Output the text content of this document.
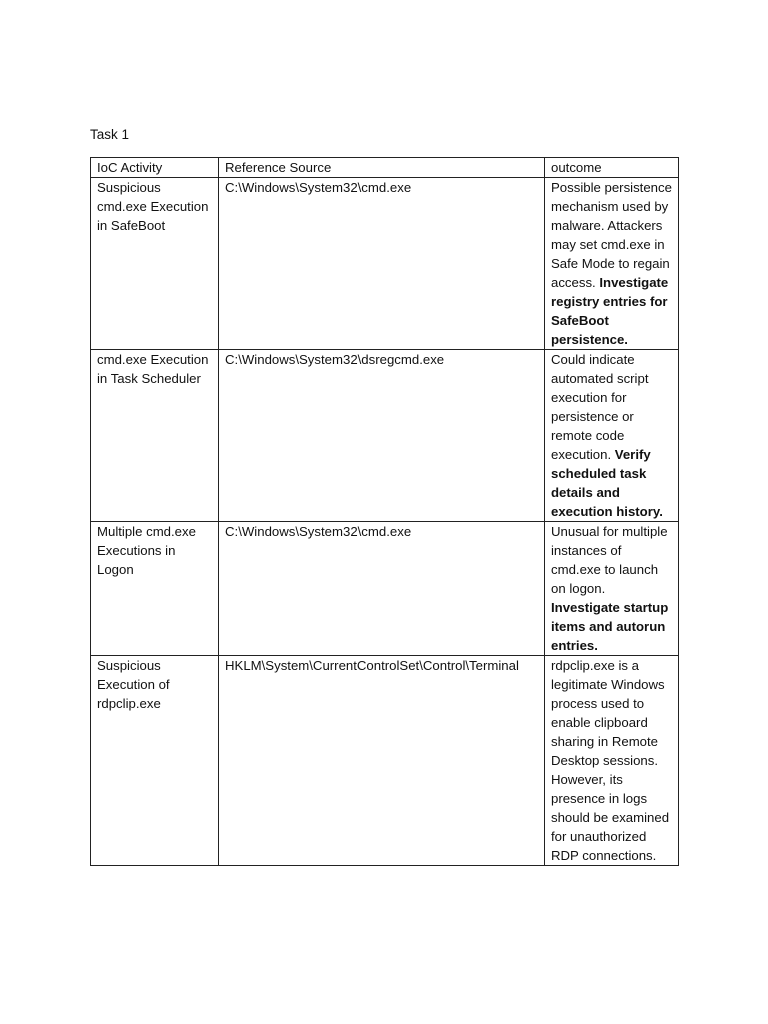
Task 1
IoC Activity	Reference Source	outcome
Suspicious cmd.exe Execution in SafeBoot	C:\Windows\System32\cmd.exe	Possible persistence mechanism used by malware. Attackers may set cmd.exe in Safe Mode to regain access. Investigate registry entries for SafeBoot persistence.
cmd.exe Execution in Task Scheduler	C:\Windows\System32\dsregcmd.exe	Could indicate automated script execution for persistence or remote code execution. Verify scheduled task details and execution history.
Multiple cmd.exe Executions in Logon	C:\Windows\System32\cmd.exe	Unusual for multiple instances of cmd.exe to launch on logon. Investigate startup items and autorun entries.
Suspicious Execution of rdpclip.exe	HKLM\System\CurrentControlSet\Control\Terminal	rdpclip.exe is a legitimate Windows process used to enable clipboard sharing in Remote Desktop sessions. However, its presence in logs should be examined for unauthorized RDP connections.
